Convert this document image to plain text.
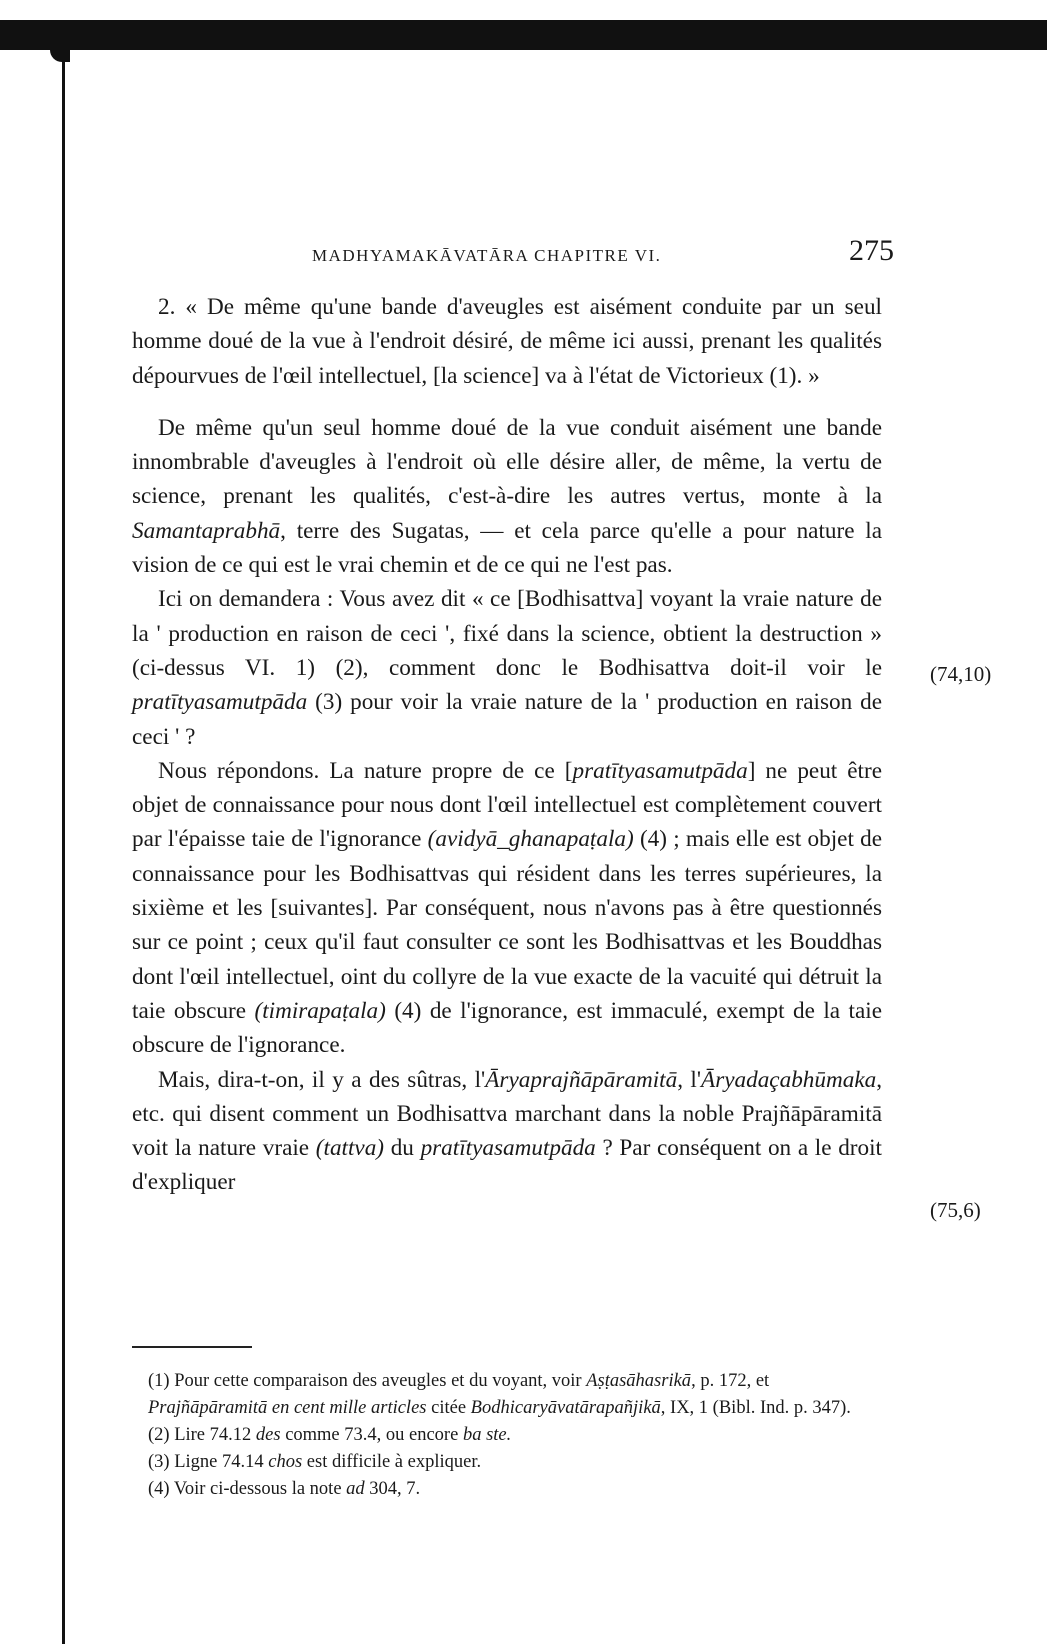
MADHYAMAKĀVATĀRA CHAPITRE VI.	275

2. « De même qu'une bande d'aveugles est aisément conduite par un seul homme doué de la vue à l'endroit désiré, de même ici aussi, prenant les qualités dépourvues de l'œil intellectuel, [la science] va à l'état de Victorieux (1). »

De même qu'un seul homme doué de la vue conduit aisément une bande innombrable d'aveugles à l'endroit où elle désire aller, de même, la vertu de science, prenant les qualités, c'est-à-dire les autres vertus, monte à la Samantaprabhā, terre des Sugatas, — et cela parce qu'elle a pour nature la vision de ce qui est le vrai chemin et de ce qui ne l'est pas.

Ici on demandera : Vous avez dit « ce [Bodhisattva] voyant la vraie nature de la ' production en raison de ceci ', fixé dans la science, obtient la destruction » (ci-dessus VI. 1) (2), comment donc le Bodhisattva doit-il voir le pratītyasamutpāda (3) pour voir la vraie nature de la ' production en raison de ceci ' ?

Nous répondons. La nature propre de ce [pratītyasamutpāda] ne peut être objet de connaissance pour nous dont l'œil intellectuel est complètement couvert par l'épaisse taie de l'ignorance (avidyā_ghanapaṭala) (4) ; mais elle est objet de connaissance pour les Bodhisattvas qui résident dans les terres supérieures, la sixième et les [suivantes]. Par conséquent, nous n'avons pas à être questionnés sur ce point ; ceux qu'il faut consulter ce sont les Bodhisattvas et les Bouddhas dont l'œil intellectuel, oint du collyre de la vue exacte de la vacuité qui détruit la taie obscure (timirapaṭala) (4) de l'ignorance, est immaculé, exempt de la taie obscure de l'ignorance.

Mais, dira-t-on, il y a des sûtras, l'Āryaprajñāpāramitā, l'Āryadaçabhūmaka, etc. qui disent comment un Bodhisattva marchant dans la noble Prajñāpāramitā voit la nature vraie (tattva) du pratītyasamutpāda ? Par conséquent on a le droit d'expliquer

(74,10)
(75,6)

(1) Pour cette comparaison des aveugles et du voyant, voir Aṣṭasāhasrikā, p. 172, et Prajñāpāramitā en cent mille articles citée Bodhicaryāvatārapañjikā, IX, 1 (Bibl. Ind. p. 347).

(2) Lire 74.12 des comme 73.4, ou encore ba ste.

(3) Ligne 74.14 chos est difficile à expliquer.

(4) Voir ci-dessous la note ad 304, 7.
